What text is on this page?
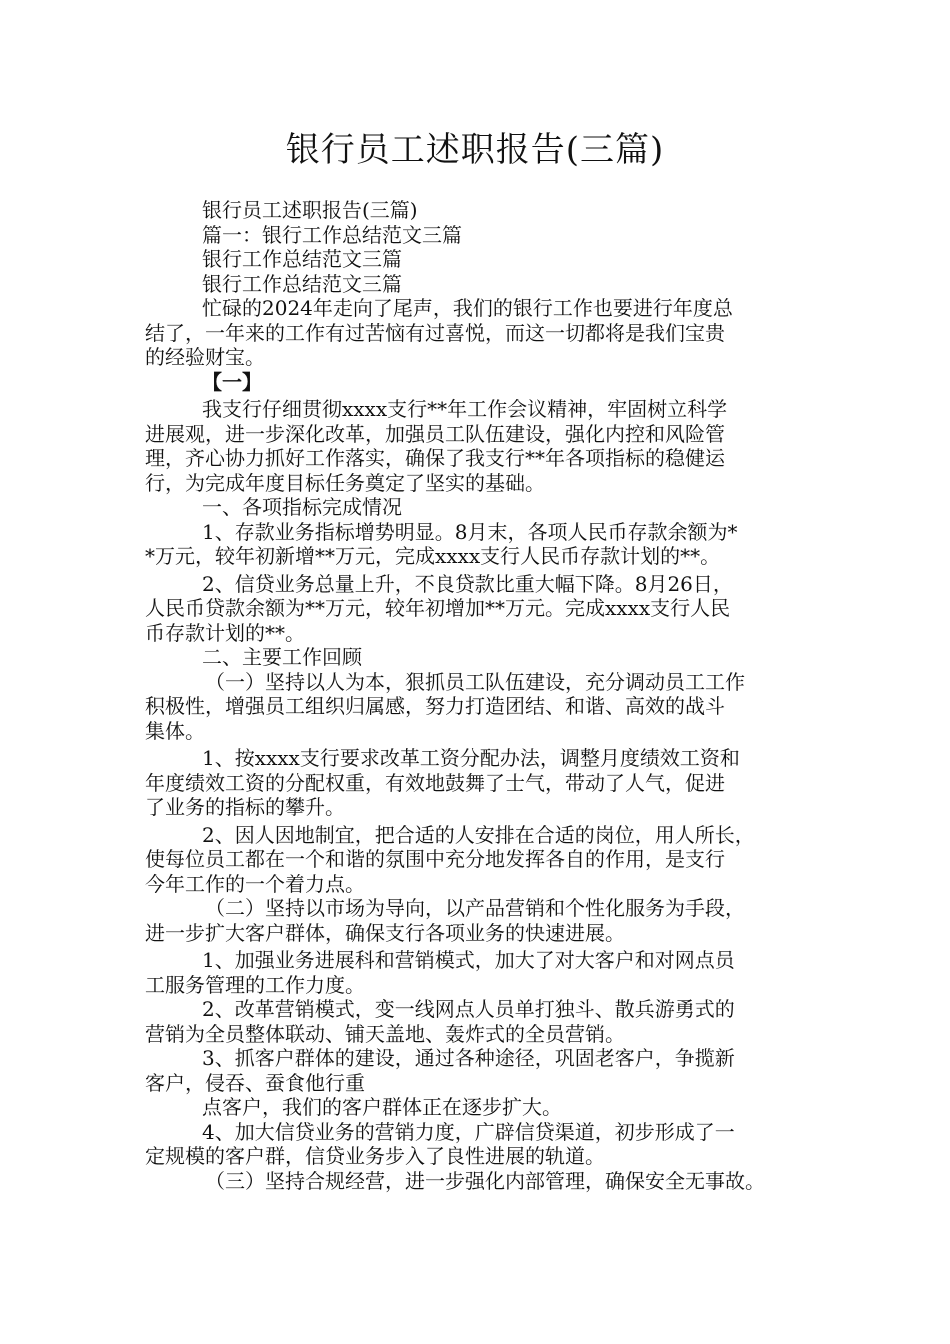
银行员工述职报告(三篇)
银行员工述职报告(三篇)
篇一：银行工作总结范文三篇
银行工作总结范文三篇
银行工作总结范文三篇
忙碌的2024年走向了尾声，我们的银行工作也要进行年度总
结了，一年来的工作有过苦恼有过喜悦，而这一切都将是我们宝贵
的经验财宝。
【一】
我支行仔细贯彻xxxx支行**年工作会议精神，牢固树立科学
进展观，进一步深化改革，加强员工队伍建设，强化内控和风险管
理，齐心协力抓好工作落实，确保了我支行**年各项指标的稳健运
行，为完成年度目标任务奠定了坚实的基础。
一、各项指标完成情况
1、存款业务指标增势明显。8月末，各项人民币存款余额为*
*万元，较年初新增**万元，完成xxxx支行人民币存款计划的**。
2、信贷业务总量上升，不良贷款比重大幅下降。8月26日，
人民币贷款余额为**万元，较年初增加**万元。完成xxxx支行人民
币存款计划的**。
二、主要工作回顾
（一）坚持以人为本，狠抓员工队伍建设，充分调动员工工作
积极性，增强员工组织归属感，努力打造团结、和谐、高效的战斗
集体。
1、按xxxx支行要求改革工资分配办法，调整月度绩效工资和
年度绩效工资的分配权重，有效地鼓舞了士气，带动了人气，促进
了业务的指标的攀升。
2、因人因地制宜，把合适的人安排在合适的岗位，用人所长，
使每位员工都在一个和谐的氛围中充分地发挥各自的作用，是支行
今年工作的一个着力点。
（二）坚持以市场为导向，以产品营销和个性化服务为手段，
进一步扩大客户群体，确保支行各项业务的快速进展。
1、加强业务进展科和营销模式，加大了对大客户和对网点员
工服务管理的工作力度。
2、改革营销模式，变一线网点人员单打独斗、散兵游勇式的
营销为全员整体联动、铺天盖地、轰炸式的全员营销。
3、抓客户群体的建设，通过各种途径，巩固老客户，争揽新
客户，侵吞、蚕食他行重
点客户，我们的客户群体正在逐步扩大。
4、加大信贷业务的营销力度，广辟信贷渠道，初步形成了一
定规模的客户群，信贷业务步入了良性进展的轨道。
（三）坚持合规经营，进一步强化内部管理，确保安全无事故。
